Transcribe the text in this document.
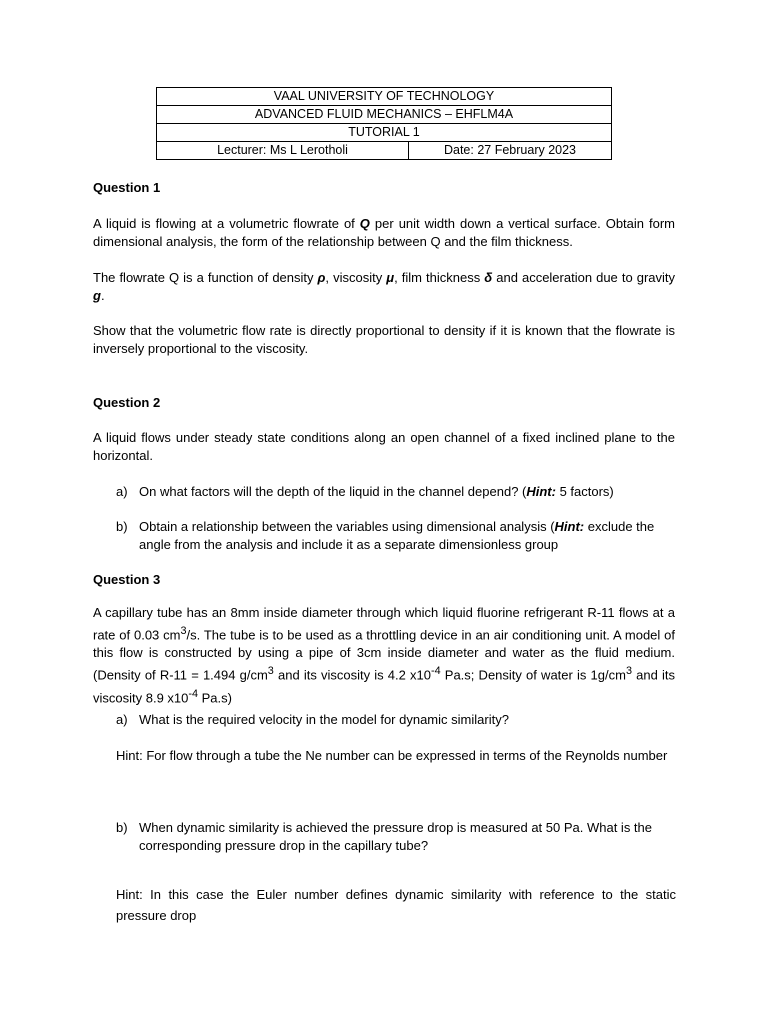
VAAL UNIVERSITY OF TECHNOLOGY
ADVANCED FLUID MECHANICS – EHFLM4A
TUTORIAL 1
Lecturer: Ms L Lerotholi	Date: 27 February 2023
Question 1
A liquid is flowing at a volumetric flowrate of Q per unit width down a vertical surface. Obtain form dimensional analysis, the form of the relationship between Q and the film thickness.
The flowrate Q is a function of density ρ, viscosity μ, film thickness δ and acceleration due to gravity g.
Show that the volumetric flow rate is directly proportional to density if it is known that the flowrate is inversely proportional to the viscosity.
Question 2
A liquid flows under steady state conditions along an open channel of a fixed inclined plane to the horizontal.
a) On what factors will the depth of the liquid in the channel depend? (Hint: 5 factors)
b) Obtain a relationship between the variables using dimensional analysis (Hint: exclude the angle from the analysis and include it as a separate dimensionless group
Question 3
A capillary tube has an 8mm inside diameter through which liquid fluorine refrigerant R-11 flows at a rate of 0.03 $cm^3/s$. The tube is to be used as a throttling device in an air conditioning unit. A model of this flow is constructed by using a pipe of 3cm inside diameter and water as the fluid medium. (Density of R-11 = 1.494 $g/cm^3$ and its viscosity is 4.2 $x10^{-4}$ Pa.s; Density of water is $1g/cm^3$ and its viscosity 8.9 $x10^{-4}$ Pa.s)
a) What is the required velocity in the model for dynamic similarity?
Hint: For flow through a tube the Ne number can be expressed in terms of the Reynolds number
b) When dynamic similarity is achieved the pressure drop is measured at 50 Pa. What is the corresponding pressure drop in the capillary tube?
Hint: In this case the Euler number defines dynamic similarity with reference to the static pressure drop
